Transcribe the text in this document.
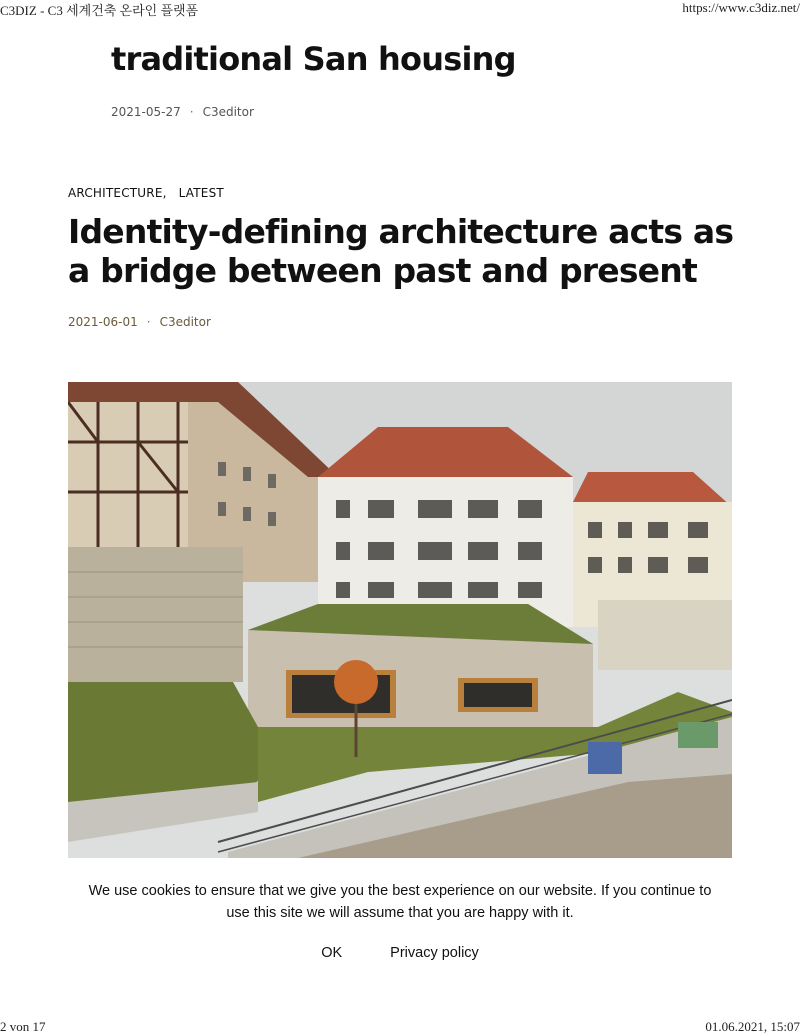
C3DIZ - C3 세계건축 온라인 플랫폼	https://www.c3diz.net/
traditional San housing
2021-05-27 · C3editor
ARCHITECTURE, LATEST
Identity-defining architecture acts as a bridge between past and present
2021-06-01 · C3editor
We use cookies to ensure that we give you the best experience on our website. If you continue to use this site we will assume that you are happy with it.
OK	Privacy policy
2 von 17	01.06.2021, 15:07
